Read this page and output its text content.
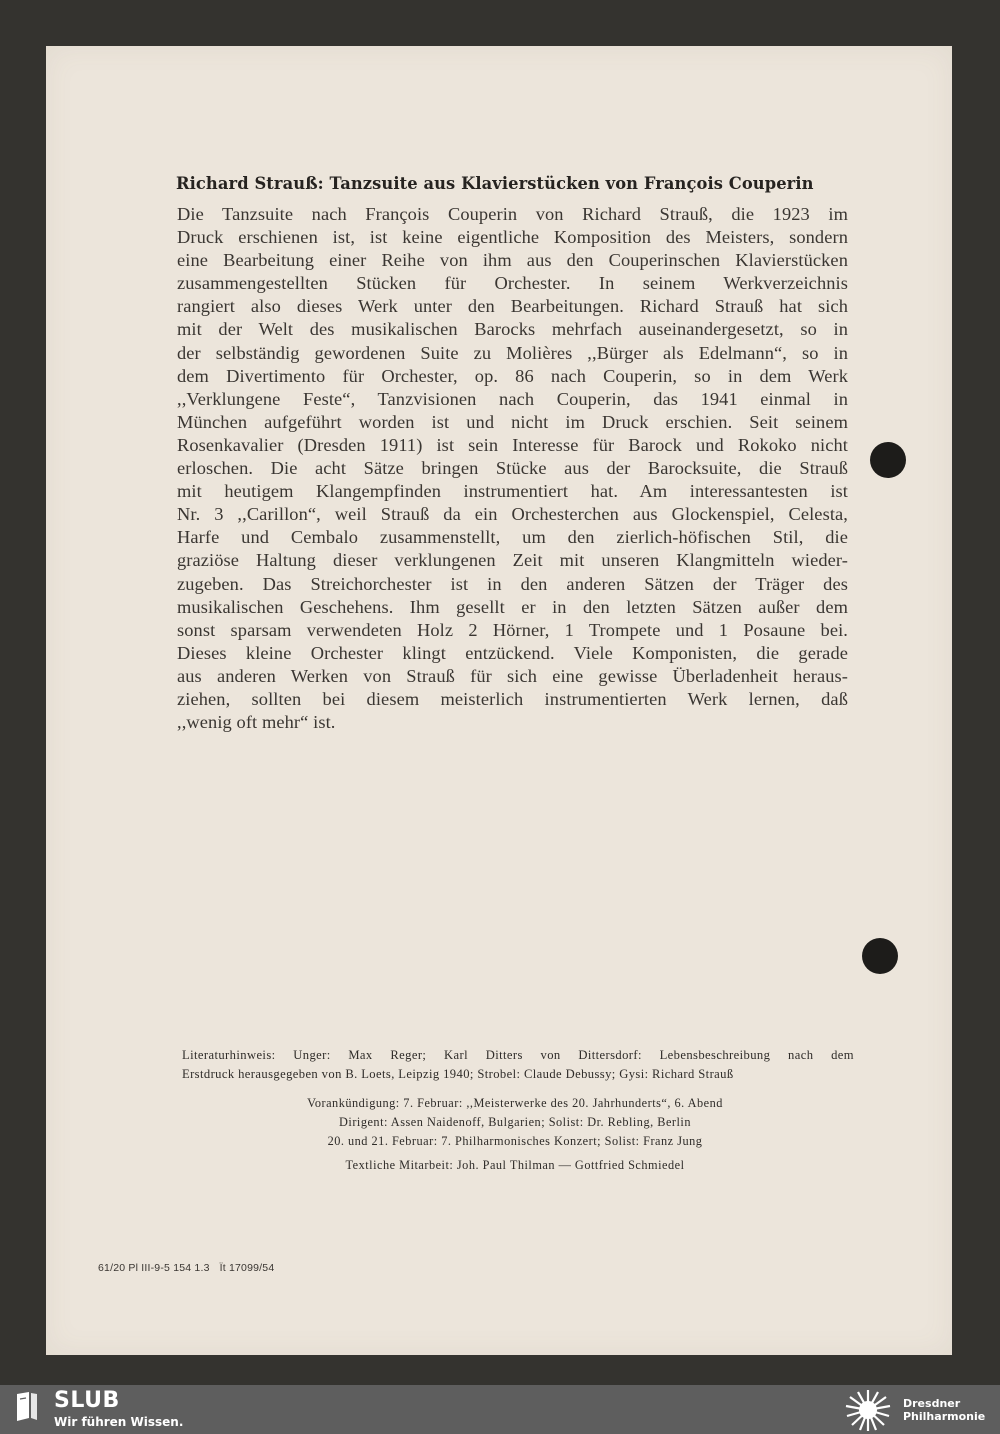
Richard Strauß: Tanzsuite aus Klavierstücken von François Couperin
Die Tanzsuite nach François Couperin von Richard Strauß, die 1923 im
Druck erschienen ist, ist keine eigentliche Komposition des Meisters, sondern
eine Bearbeitung einer Reihe von ihm aus den Couperinschen Klavierstücken
zusammengestellten Stücken für Orchester. In seinem Werkverzeichnis
rangiert also dieses Werk unter den Bearbeitungen. Richard Strauß hat sich
mit der Welt des musikalischen Barocks mehrfach auseinandergesetzt, so in
der selbständig gewordenen Suite zu Molières ,,Bürger als Edelmann“, so in
dem Divertimento für Orchester, op. 86 nach Couperin, so in dem Werk
,,Verklungene Feste“, Tanzvisionen nach Couperin, das 1941 einmal in
München aufgeführt worden ist und nicht im Druck erschien. Seit seinem
Rosenkavalier (Dresden 1911) ist sein Interesse für Barock und Rokoko nicht
erloschen. Die acht Sätze bringen Stücke aus der Barocksuite, die Strauß
mit heutigem Klangempfinden instrumentiert hat. Am interessantesten ist
Nr. 3 ,,Carillon“, weil Strauß da ein Orchesterchen aus Glockenspiel, Celesta,
Harfe und Cembalo zusammenstellt, um den zierlich-höfischen Stil, die
graziöse Haltung dieser verklungenen Zeit mit unseren Klangmitteln wieder-
zugeben. Das Streichorchester ist in den anderen Sätzen der Träger des
musikalischen Geschehens. Ihm gesellt er in den letzten Sätzen außer dem
sonst sparsam verwendeten Holz 2 Hörner, 1 Trompete und 1 Posaune bei.
Dieses kleine Orchester klingt entzückend. Viele Komponisten, die gerade
aus anderen Werken von Strauß für sich eine gewisse Überladenheit heraus-
ziehen, sollten bei diesem meisterlich instrumentierten Werk lernen, daß
,,wenig oft mehr“ ist.
Literaturhinweis: Unger: Max Reger; Karl Ditters von Dittersdorf: Lebensbeschreibung nach dem
Erstdruck herausgegeben von B. Loets, Leipzig 1940; Strobel: Claude Debussy; Gysi: Richard Strauß
Vorankündigung: 7. Februar: ,,Meisterwerke des 20. Jahrhunderts“, 6. Abend
Dirigent: Assen Naidenoff, Bulgarien; Solist: Dr. Rebling, Berlin
20. und 21. Februar: 7. Philharmonisches Konzert; Solist: Franz Jung
Textliche Mitarbeit: Joh. Paul Thilman — Gottfried Schmiedel
61/20 Pl III-9-5 154 1.3 Ït 17099/54
SLUB
Wir führen Wissen.
Dresdner
Philharmonie
